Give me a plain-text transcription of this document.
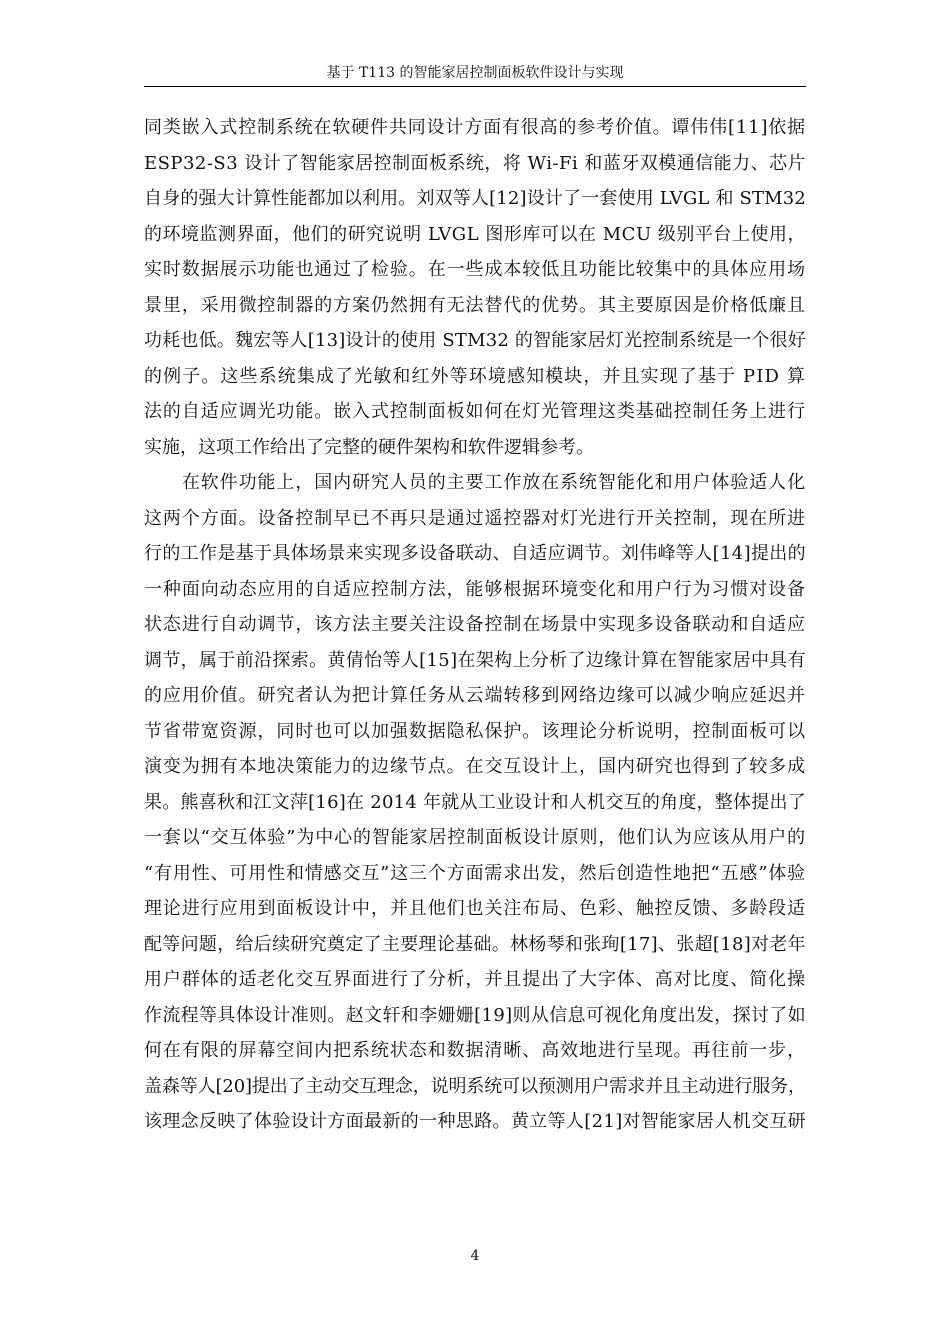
基于 T113 的智能家居控制面板软件设计与实现
同类嵌入式控制系统在软硬件共同设计方面有很高的参考价值。谭伟伟[11]依据
ESP32-S3 设计了智能家居控制面板系统，将 Wi-Fi 和蓝牙双模通信能力、芯片
自身的强大计算性能都加以利用。刘双等人[12]设计了一套使用 LVGL 和 STM32
的环境监测界面，他们的研究说明 LVGL 图形库可以在 MCU 级别平台上使用，
实时数据展示功能也通过了检验。在一些成本较低且功能比较集中的具体应用场
景里，采用微控制器的方案仍然拥有无法替代的优势。其主要原因是价格低廉且
功耗也低。魏宏等人[13]设计的使用 STM32 的智能家居灯光控制系统是一个很好
的例子。这些系统集成了光敏和红外等环境感知模块，并且实现了基于 PID 算
法的自适应调光功能。嵌入式控制面板如何在灯光管理这类基础控制任务上进行
实施，这项工作给出了完整的硬件架构和软件逻辑参考。
　　在软件功能上，国内研究人员的主要工作放在系统智能化和用户体验适人化
这两个方面。设备控制早已不再只是通过遥控器对灯光进行开关控制，现在所进
行的工作是基于具体场景来实现多设备联动、自适应调节。刘伟峰等人[14]提出的
一种面向动态应用的自适应控制方法，能够根据环境变化和用户行为习惯对设备
状态进行自动调节，该方法主要关注设备控制在场景中实现多设备联动和自适应
调节，属于前沿探索。黄倩怡等人[15]在架构上分析了边缘计算在智能家居中具有
的应用价值。研究者认为把计算任务从云端转移到网络边缘可以减少响应延迟并
节省带宽资源，同时也可以加强数据隐私保护。该理论分析说明，控制面板可以
演变为拥有本地决策能力的边缘节点。在交互设计上，国内研究也得到了较多成
果。熊喜秋和江文萍[16]在 2014 年就从工业设计和人机交互的角度，整体提出了
一套以“交互体验”为中心的智能家居控制面板设计原则，他们认为应该从用户的
“有用性、可用性和情感交互”这三个方面需求出发，然后创造性地把“五感”体验
理论进行应用到面板设计中，并且他们也关注布局、色彩、触控反馈、多龄段适
配等问题，给后续研究奠定了主要理论基础。林杨琴和张珣[17]、张超[18]对老年
用户群体的适老化交互界面进行了分析，并且提出了大字体、高对比度、简化操
作流程等具体设计准则。赵文轩和李姗姗[19]则从信息可视化角度出发，探讨了如
何在有限的屏幕空间内把系统状态和数据清晰、高效地进行呈现。再往前一步，
盖森等人[20]提出了主动交互理念，说明系统可以预测用户需求并且主动进行服务，
该理念反映了体验设计方面最新的一种思路。黄立等人[21]对智能家居人机交互研
4
